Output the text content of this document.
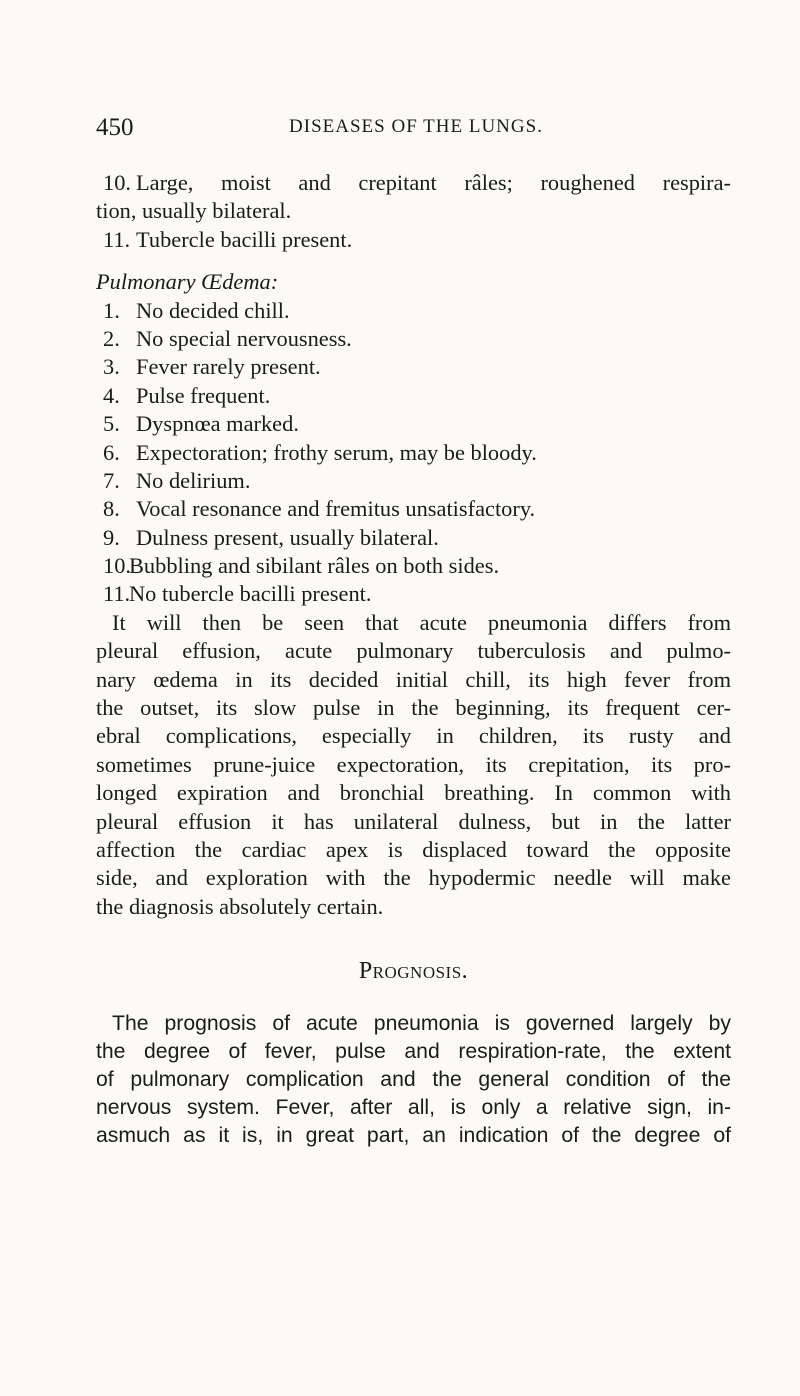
450	DISEASES OF THE LUNGS.
10. Large, moist and crepitant râles; roughened respira-
tion, usually bilateral.
11. Tubercle bacilli present.
Pulmonary Œdema:
1. No decided chill.
2. No special nervousness.
3. Fever rarely present.
4. Pulse frequent.
5. Dyspnœa marked.
6. Expectoration; frothy serum, may be bloody.
7. No delirium.
8. Vocal resonance and fremitus unsatisfactory.
9. Dulness present, usually bilateral.
10.Bubbling and sibilant râles on both sides.
11.No tubercle bacilli present.
It will then be seen that acute pneumonia differs from
pleural effusion, acute pulmonary tuberculosis and pulmo-
nary œdema in its decided initial chill, its high fever from
the outset, its slow pulse in the beginning, its frequent cer-
ebral complications, especially in children, its rusty and
sometimes prune-juice expectoration, its crepitation, its pro-
longed expiration and bronchial breathing. In common with
pleural effusion it has unilateral dulness, but in the latter
affection the cardiac apex is displaced toward the opposite
side, and exploration with the hypodermic needle will make
the diagnosis absolutely certain.
Prognosis.
The prognosis of acute pneumonia is governed largely by
the degree of fever, pulse and respiration-rate, the extent
of pulmonary complication and the general condition of the
nervous system. Fever, after all, is only a relative sign, in-
asmuch as it is, in great part, an indication of the degree of
